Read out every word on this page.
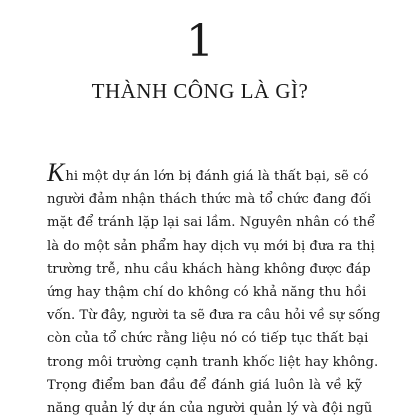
1
THÀNH CÔNG LÀ GÌ?
Khi một dự án lớn bị đánh giá là thất bại, sẽ có
người đảm nhận thách thức mà tổ chức đang đối
mặt để tránh lặp lại sai lầm. Nguyên nhân có thể
là do một sản phẩm hay dịch vụ mới bị đưa ra thị
trường trễ, nhu cầu khách hàng không được đáp
ứng hay thậm chí do không có khả năng thu hồi
vốn. Từ đây, người ta sẽ đưa ra câu hỏi về sự sống
còn của tổ chức rằng liệu nó có tiếp tục thất bại
trong môi trường cạnh tranh khốc liệt hay không.
Trọng điểm ban đầu để đánh giá luôn là về kỹ
năng quản lý dự án của người quản lý và đội ngũ
